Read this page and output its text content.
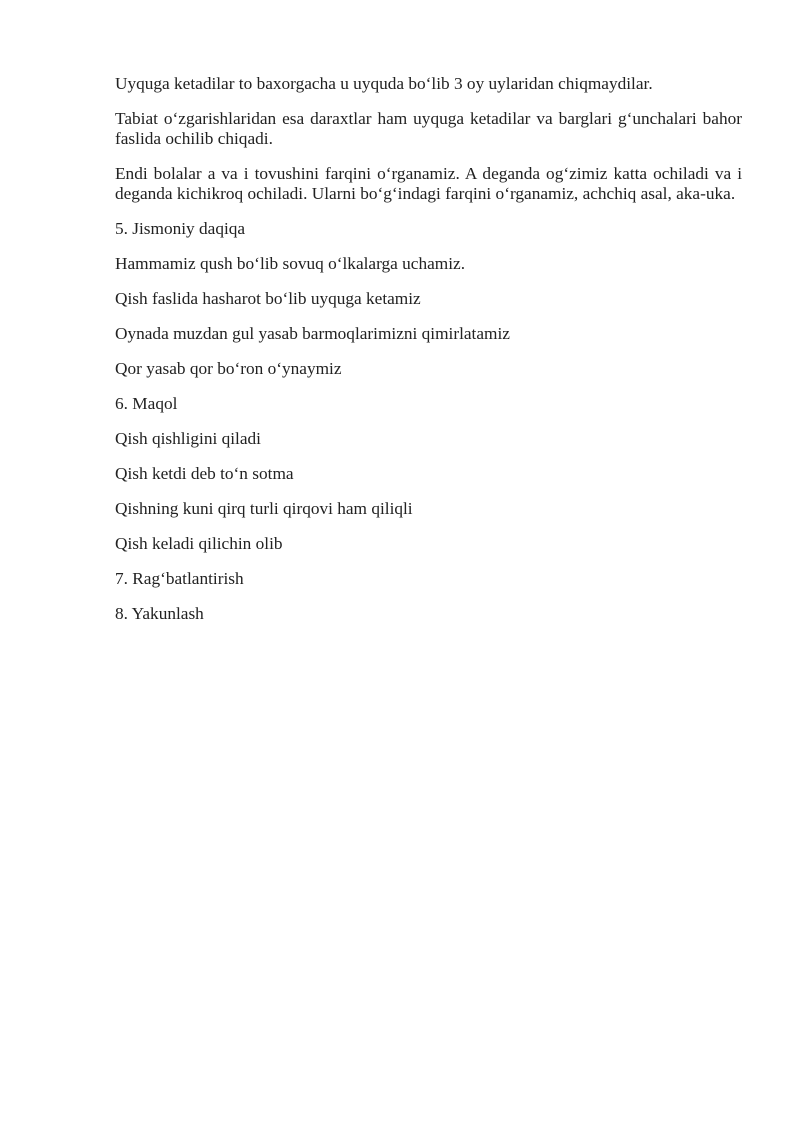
Uyquga ketadilar to baxorgacha u uyquda bo‘lib 3 oy uylaridan chiqmaydilar.

Tabiat o‘zgarishlaridan esa daraxtlar ham uyquga ketadilar va barglari g‘unchalari bahor faslida ochilib chiqadi.

Endi bolalar a va i tovushini farqini o‘rganamiz. A deganda og‘zimiz katta ochiladi va i deganda kichikroq ochiladi. Ularni bo‘g‘indagi farqini o‘rganamiz, achchiq asal, aka-uka.

5. Jismoniy daqiqa

Hammamiz qush bo‘lib sovuq o‘lkalarga uchamiz.

Qish faslida hasharot bo‘lib uyquga ketamiz

Oynada muzdan gul yasab barmoqlarimizni qimirlatamiz

Qor yasab qor bo‘ron o‘ynaymiz

6. Maqol

Qish qishligini qiladi

Qish ketdi deb to‘n sotma

Qishning kuni qirq turli qirqovi ham qiliqli

Qish keladi qilichin olib

7. Rag‘batlantirish

8. Yakunlash
